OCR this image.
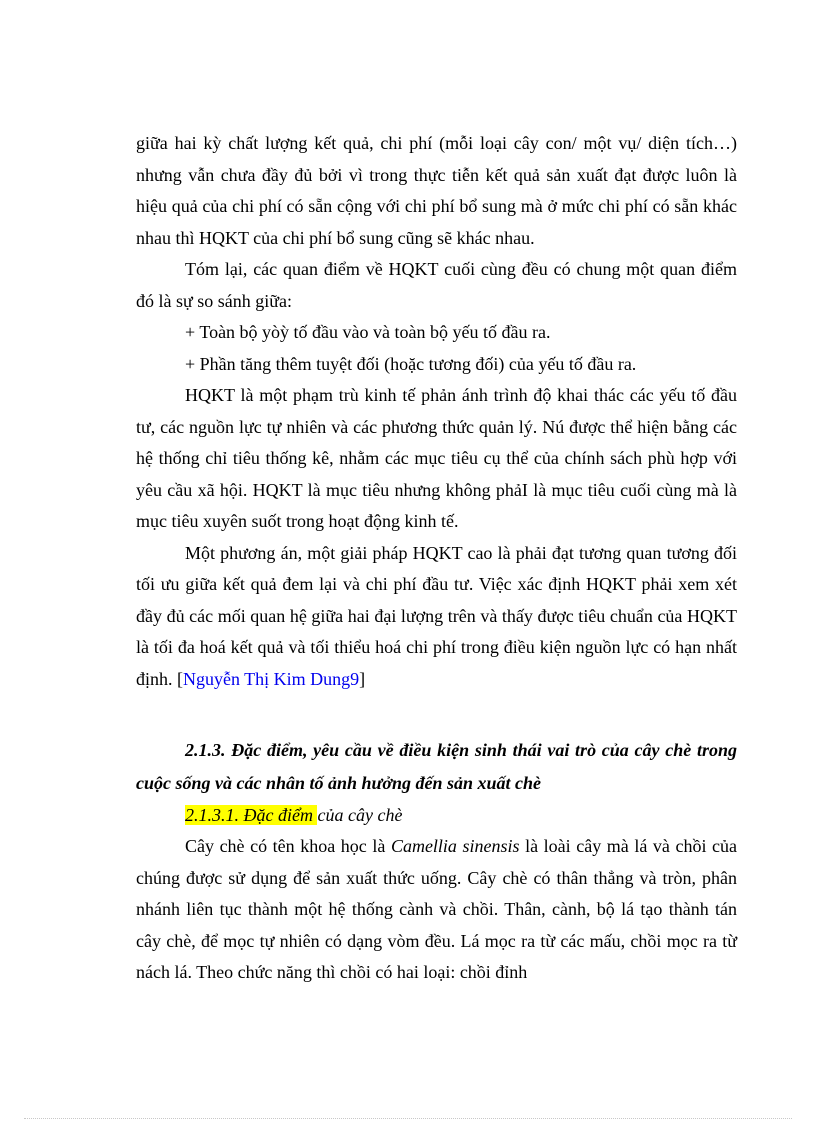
giữa hai kỳ chất lượng kết quả, chi phí (mỗi loại cây con/ một vụ/ diện tích…) nhưng vẫn chưa đầy đủ bởi vì trong thực tiễn kết quả sản xuất đạt được luôn là hiệu quả của chi phí có sẵn cộng với chi phí bổ sung mà ở mức chi phí có sẵn khác nhau thì HQKT của chi phí bổ sung cũng sẽ khác nhau.

Tóm lại, các quan điểm về HQKT cuối cùng đều có chung một quan điểm đó là sự so sánh giữa:

+ Toàn bộ yòỳ tố đầu vào và toàn bộ yếu tố đầu ra.

+ Phần tăng thêm tuyệt đối (hoặc tương đối) của yếu tố đầu ra.

HQKT là một phạm trù kinh tế phản ánh trình độ khai thác các yếu tố đầu tư, các nguồn lực tự nhiên và các phương thức quản lý. Nú được thể hiện bằng các hệ thống chỉ tiêu thống kê, nhằm các mục tiêu cụ thể của chính sách phù hợp với yêu cầu xã hội. HQKT là mục tiêu nhưng không phảI là mục tiêu cuối cùng mà là mục tiêu xuyên suốt trong hoạt động kinh tế.

Một phương án, một giải pháp HQKT cao là phải đạt tương quan tương đối tối ưu giữa kết quả đem lại và chi phí đầu tư. Việc xác định HQKT phải xem xét đầy đủ các mối quan hệ giữa hai đại lượng trên và thấy được tiêu chuẩn của HQKT là tối đa hoá kết quả và tối thiểu hoá chi phí trong điều kiện nguồn lực có hạn nhất định. [Nguyễn Thị Kim Dung9]

2.1.3. Đặc điểm, yêu cầu về điều kiện sinh thái vai trò của cây chè trong cuộc sống và các nhân tố ảnh hưởng đến sản xuất chè

2.1.3.1. Đặc điểm của cây chè

Cây chè có tên khoa học là Camellia sinensis là loài cây mà lá và chồi của chúng được sử dụng để sản xuất thức uống. Cây chè có thân thẳng và tròn, phân nhánh liên tục thành một hệ thống cành và chồi. Thân, cành, bộ lá tạo thành tán cây chè, để mọc tự nhiên có dạng vòm đều. Lá mọc ra từ các mấu, chồi mọc ra từ nách lá. Theo chức năng thì chồi có hai loại: chồi đỉnh
